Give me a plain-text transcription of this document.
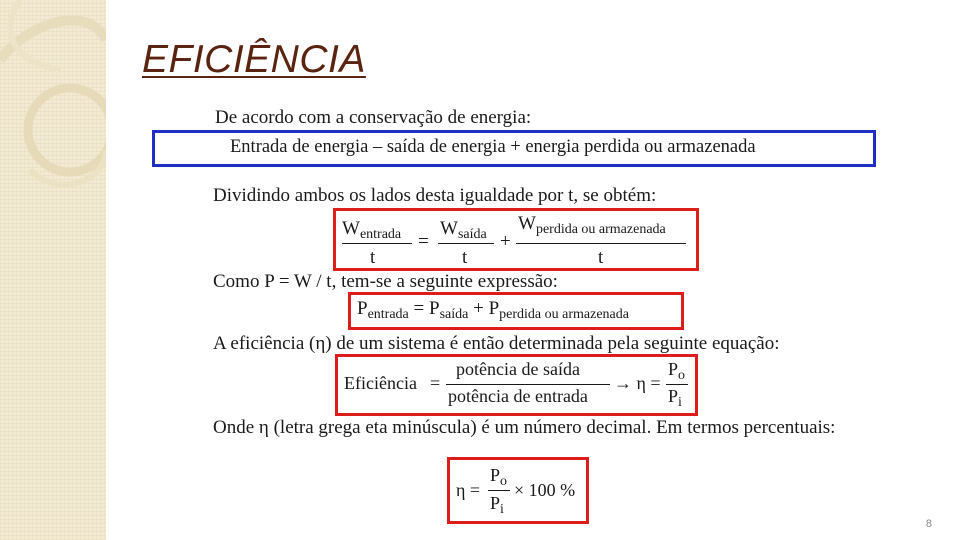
EFICIÊNCIA
De acordo com a conservação de energia:
Entrada de energia – saída de energia + energia perdida ou armazenada
Dividindo ambos os lados desta igualdade por t, se obtém:
$W_{entrada}$
t
=
$W_{saída}$
t
+
$W_{perdida ou armazenada}$
t
Como P = W / t, tem-se a seguinte expressão:
$P_{entrada} = P_{saída} + P_{perdida ou armazenada}$
A eficiência (η) de um sistema é então determinada pela seguinte equação:
Eficiência =
potência de saída
potência de entrada
→ η =
$P_o$
$P_i$
Onde η (letra grega eta minúscula) é um número decimal. Em termos percentuais:
η =
$P_o$
$P_i$
× 100 %
8
